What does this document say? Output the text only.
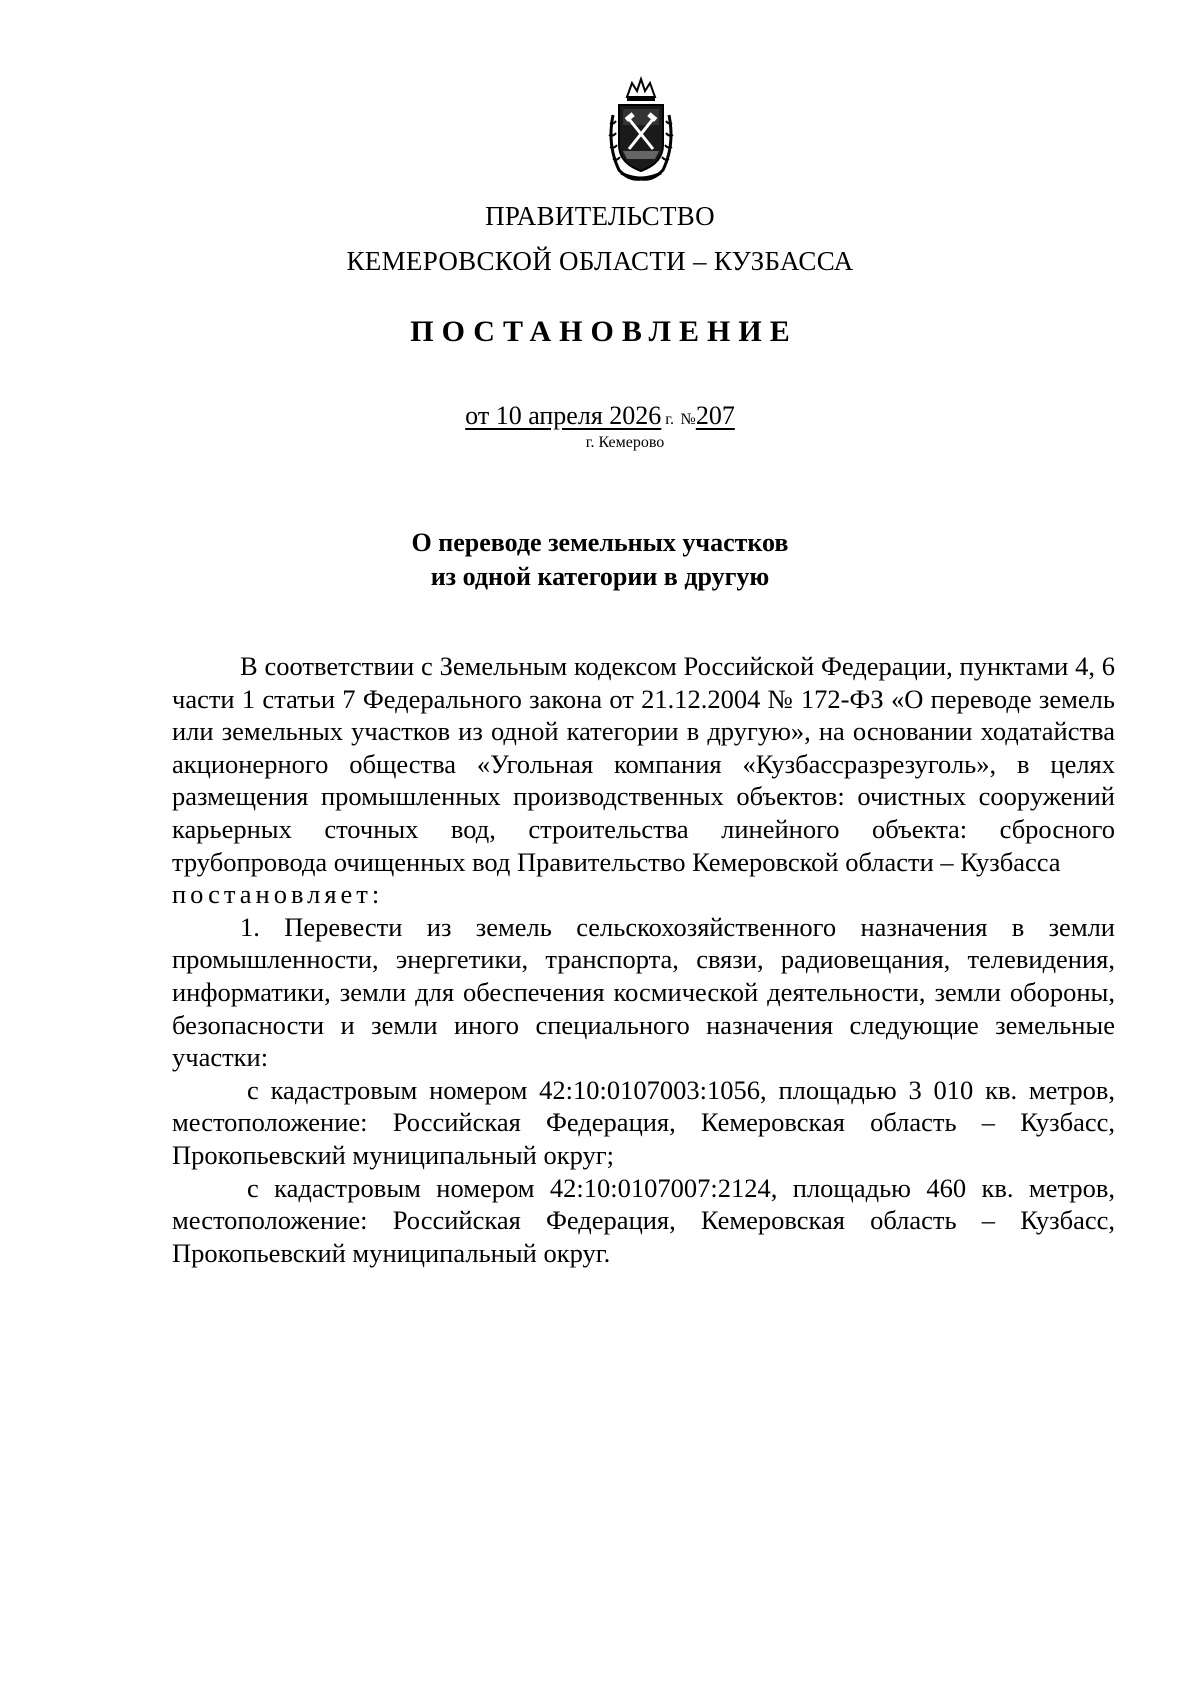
ПРАВИТЕЛЬСТВО
КЕМЕРОВСКОЙ ОБЛАСТИ – КУЗБАССА
ПОСТАНОВЛЕНИЕ
от 10 апреля 2026 г. №207
г. Кемерово
О переводе земельных участков
из одной категории в другую

В соответствии с Земельным кодексом Российской Федерации, пунктами 4, 6 части 1 статьи 7 Федерального закона от 21.12.2004 № 172-ФЗ «О переводе земель или земельных участков из одной категории в другую», на основании ходатайства акционерного общества «Угольная компания «Кузбассразрезуголь», в целях размещения промышленных производственных объектов: очистных сооружений карьерных сточных вод, строительства линейного объекта: сбросного трубопровода очищенных вод Правительство Кемеровской области – Кузбасса

постановляет:

1. Перевести из земель сельскохозяйственного назначения в земли промышленности, энергетики, транспорта, связи, радиовещания, телевидения, информатики, земли для обеспечения космической деятельности, земли обороны, безопасности и земли иного специального назначения следующие земельные участки:

с кадастровым номером 42:10:0107003:1056, площадью 3 010 кв. метров, местоположение: Российская Федерация, Кемеровская область – Кузбасс, Прокопьевский муниципальный округ;

с кадастровым номером 42:10:0107007:2124, площадью 460 кв. метров, местоположение: Российская Федерация, Кемеровская область – Кузбасс, Прокопьевский муниципальный округ.
